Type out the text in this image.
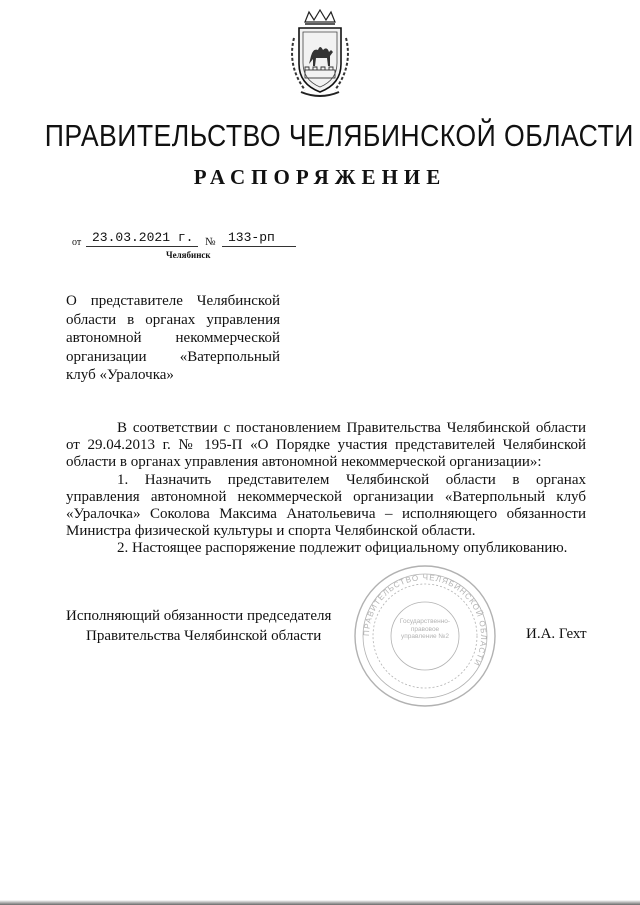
ПРАВИТЕЛЬСТВО ЧЕЛЯБИНСКОЙ ОБЛАСТИ
РАСПОРЯЖЕНИЕ
от 23.03.2021 г. № 133-рп
Челябинск
О представителе Челябинской области в органах управления автономной некоммерческой организации «Ватерпольный клуб «Уралочка»

В соответствии с постановлением Правительства Челябинской области от 29.04.2013 г. № 195-П «О Порядке участия представителей Челябинской области в органах управления автономной некоммерческой организации»:

1. Назначить представителем Челябинской области в органах управления автономной некоммерческой организации «Ватерпольный клуб «Уралочка» Соколова Максима Анатольевича – исполняющего обязанности Министра физической культуры и спорта Челябинской области.

2. Настоящее распоряжение подлежит официальному опубликованию.

ПРАВИТЕЛЬСТВО ЧЕЛЯБИНСКОЙ ОБЛАСТИ
Государственно-правовое управление №2
Исполняющий обязанности председателя
Правительства Челябинской области	И.А. Гехт
